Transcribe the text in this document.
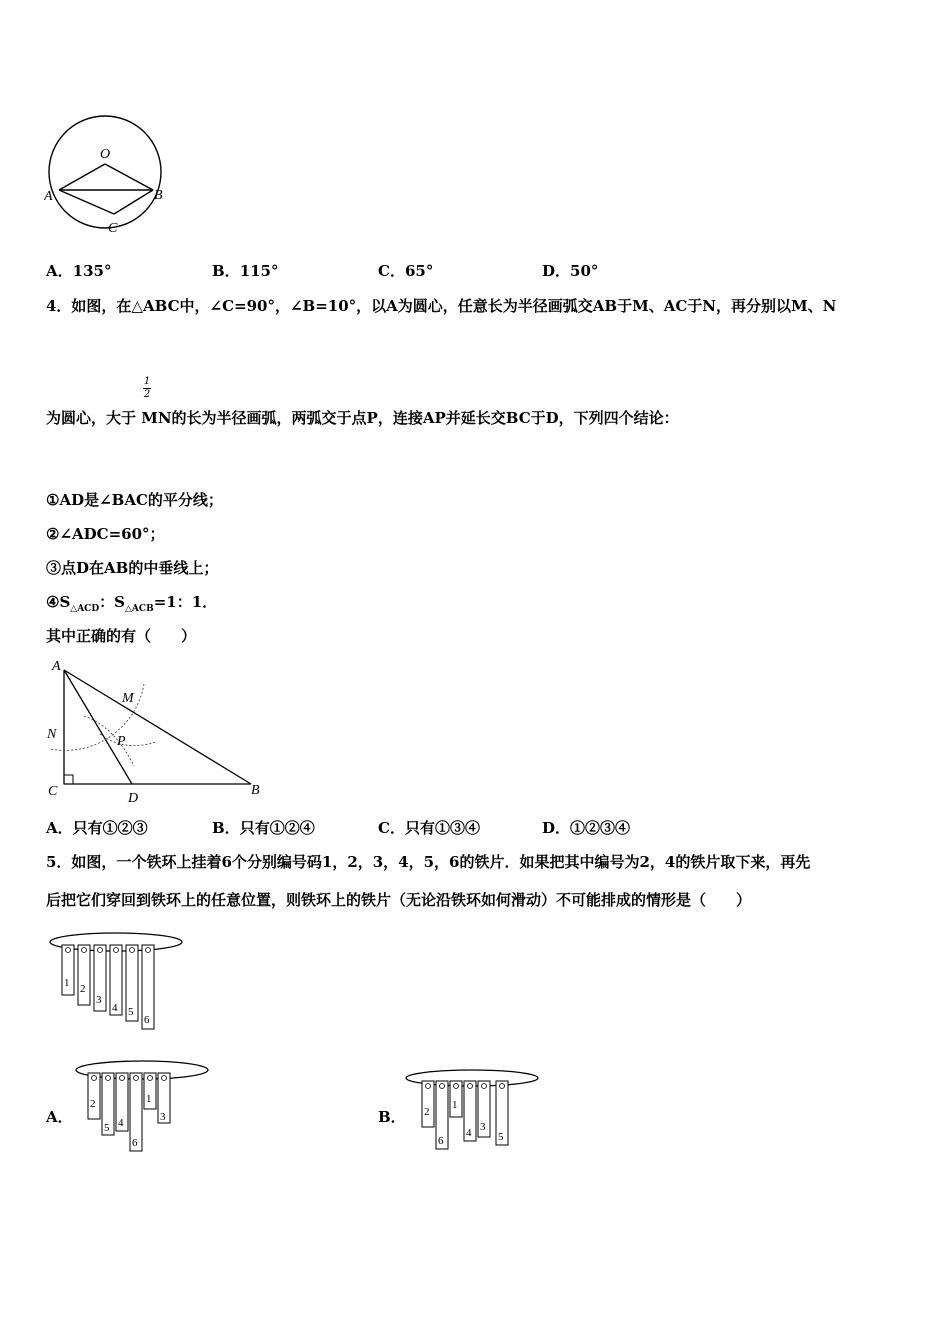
O
A	B
C
A．135°	B．115°	C．65°	D．50°
4．如图，在△ABC中，∠C=90°，∠B=10°，以A为圆心，任意长为半径画弧交AB于M、AC于N，再分别以M、N
1
2
为圆心，大于 MN的长为半径画弧，两弧交于点P，连接AP并延长交BC于D，下列四个结论：
①AD是∠BAC的平分线；
②∠ADC=60°；
③点D在AB的中垂线上；
$④S_{\triangle ACD}$：$S_{\triangle ACB}=1$：1．
其中正确的有（　　）
A
M
N	P
C	D
B
A．只有①②③	B．只有①②④	C．只有①③④	D．①②③④
5．如图，一个铁环上挂着6个分别编号码1，2，3，4，5，6的铁片．如果把其中编号为2，4的铁片取下来，再先
后把它们穿回到铁环上的任意位置，则铁环上的铁片（无论沿铁环如何滑动）不可能排成的情形是（　　）
1 2
3
4 5
6
A．
2
5 4
6
1
3	B． 2
6
1
4 3
5
